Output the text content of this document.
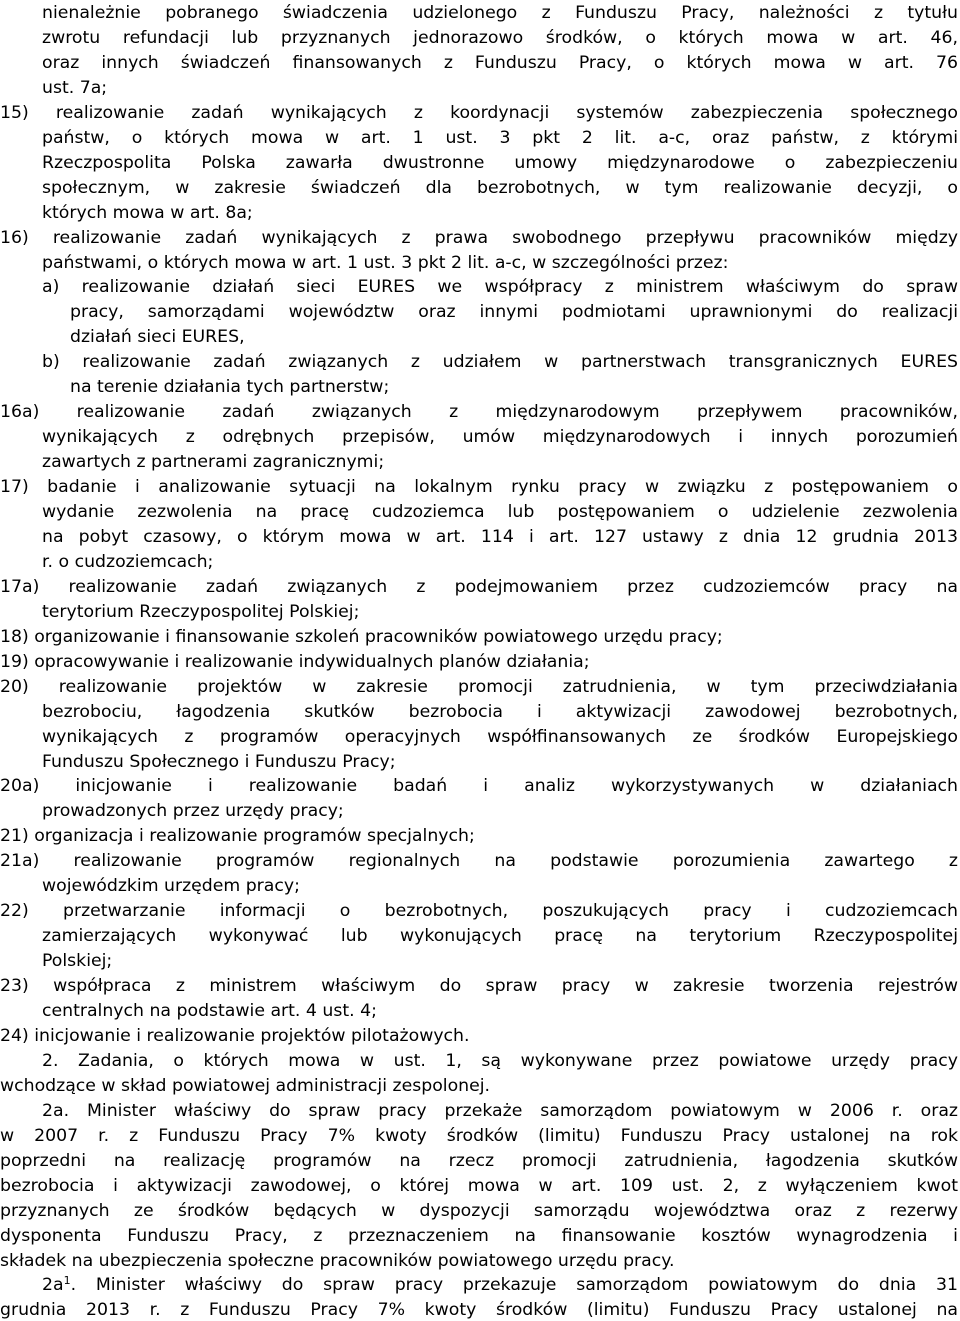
nienależnie pobranego świadczenia udzielonego z Funduszu Pracy, należności z tytułu
zwrotu refundacji lub przyznanych jednorazowo środków, o których mowa w art. 46,
oraz innych świadczeń finansowanych z Funduszu Pracy, o których mowa w art. 76
ust. 7a;
15) realizowanie zadań wynikających z koordynacji systemów zabezpieczenia społecznego
państw, o których mowa w art. 1 ust. 3 pkt 2 lit. a-c, oraz państw, z którymi
Rzeczpospolita Polska zawarła dwustronne umowy międzynarodowe o zabezpieczeniu
społecznym, w zakresie świadczeń dla bezrobotnych, w tym realizowanie decyzji, o
których mowa w art. 8a;
16) realizowanie zadań wynikających z prawa swobodnego przepływu pracowników między
państwami, o których mowa w art. 1 ust. 3 pkt 2 lit. a-c, w szczególności przez:
a) realizowanie działań sieci EURES we współpracy z ministrem właściwym do spraw
pracy, samorządami województw oraz innymi podmiotami uprawnionymi do realizacji
działań sieci EURES,
b) realizowanie zadań związanych z udziałem w partnerstwach transgranicznych EURES
na terenie działania tych partnerstw;
16a) realizowanie zadań związanych z międzynarodowym przepływem pracowników,
wynikających z odrębnych przepisów, umów międzynarodowych i innych porozumień
zawartych z partnerami zagranicznymi;
17) badanie i analizowanie sytuacji na lokalnym rynku pracy w związku z postępowaniem o
wydanie zezwolenia na pracę cudzoziemca lub postępowaniem o udzielenie zezwolenia
na pobyt czasowy, o którym mowa w art. 114 i art. 127 ustawy z dnia 12 grudnia 2013
r. o cudzoziemcach;
17a) realizowanie zadań związanych z podejmowaniem przez cudzoziemców pracy na
terytorium Rzeczypospolitej Polskiej;
18) organizowanie i finansowanie szkoleń pracowników powiatowego urzędu pracy;
19) opracowywanie i realizowanie indywidualnych planów działania;
20) realizowanie projektów w zakresie promocji zatrudnienia, w tym przeciwdziałania
bezrobociu, łagodzenia skutków bezrobocia i aktywizacji zawodowej bezrobotnych,
wynikających z programów operacyjnych współfinansowanych ze środków Europejskiego
Funduszu Społecznego i Funduszu Pracy;
20a) inicjowanie i realizowanie badań i analiz wykorzystywanych w działaniach
prowadzonych przez urzędy pracy;
21) organizacja i realizowanie programów specjalnych;
21a) realizowanie programów regionalnych na podstawie porozumienia zawartego z
wojewódzkim urzędem pracy;
22) przetwarzanie informacji o bezrobotnych, poszukujących pracy i cudzoziemcach
zamierzających wykonywać lub wykonujących pracę na terytorium Rzeczypospolitej
Polskiej;
23) współpraca z ministrem właściwym do spraw pracy w zakresie tworzenia rejestrów
centralnych na podstawie art. 4 ust. 4;
24) inicjowanie i realizowanie projektów pilotażowych.
2. Zadania, o których mowa w ust. 1, są wykonywane przez powiatowe urzędy pracy
wchodzące w skład powiatowej administracji zespolonej.
2a. Minister właściwy do spraw pracy przekaże samorządom powiatowym w 2006 r. oraz
w 2007 r. z Funduszu Pracy 7% kwoty środków (limitu) Funduszu Pracy ustalonej na rok
poprzedni na realizację programów na rzecz promocji zatrudnienia, łagodzenia skutków
bezrobocia i aktywizacji zawodowej, o której mowa w art. 109 ust. 2, z wyłączeniem kwot
przyznanych ze środków będących w dyspozycji samorządu województwa oraz z rezerwy
dysponenta Funduszu Pracy, z przeznaczeniem na finansowanie kosztów wynagrodzenia i
składek na ubezpieczenia społeczne pracowników powiatowego urzędu pracy.
$2a^1$. Minister właściwy do spraw pracy przekazuje samorządom powiatowym do dnia 31
grudnia 2013 r. z Funduszu Pracy 7% kwoty środków (limitu) Funduszu Pracy ustalonej na
